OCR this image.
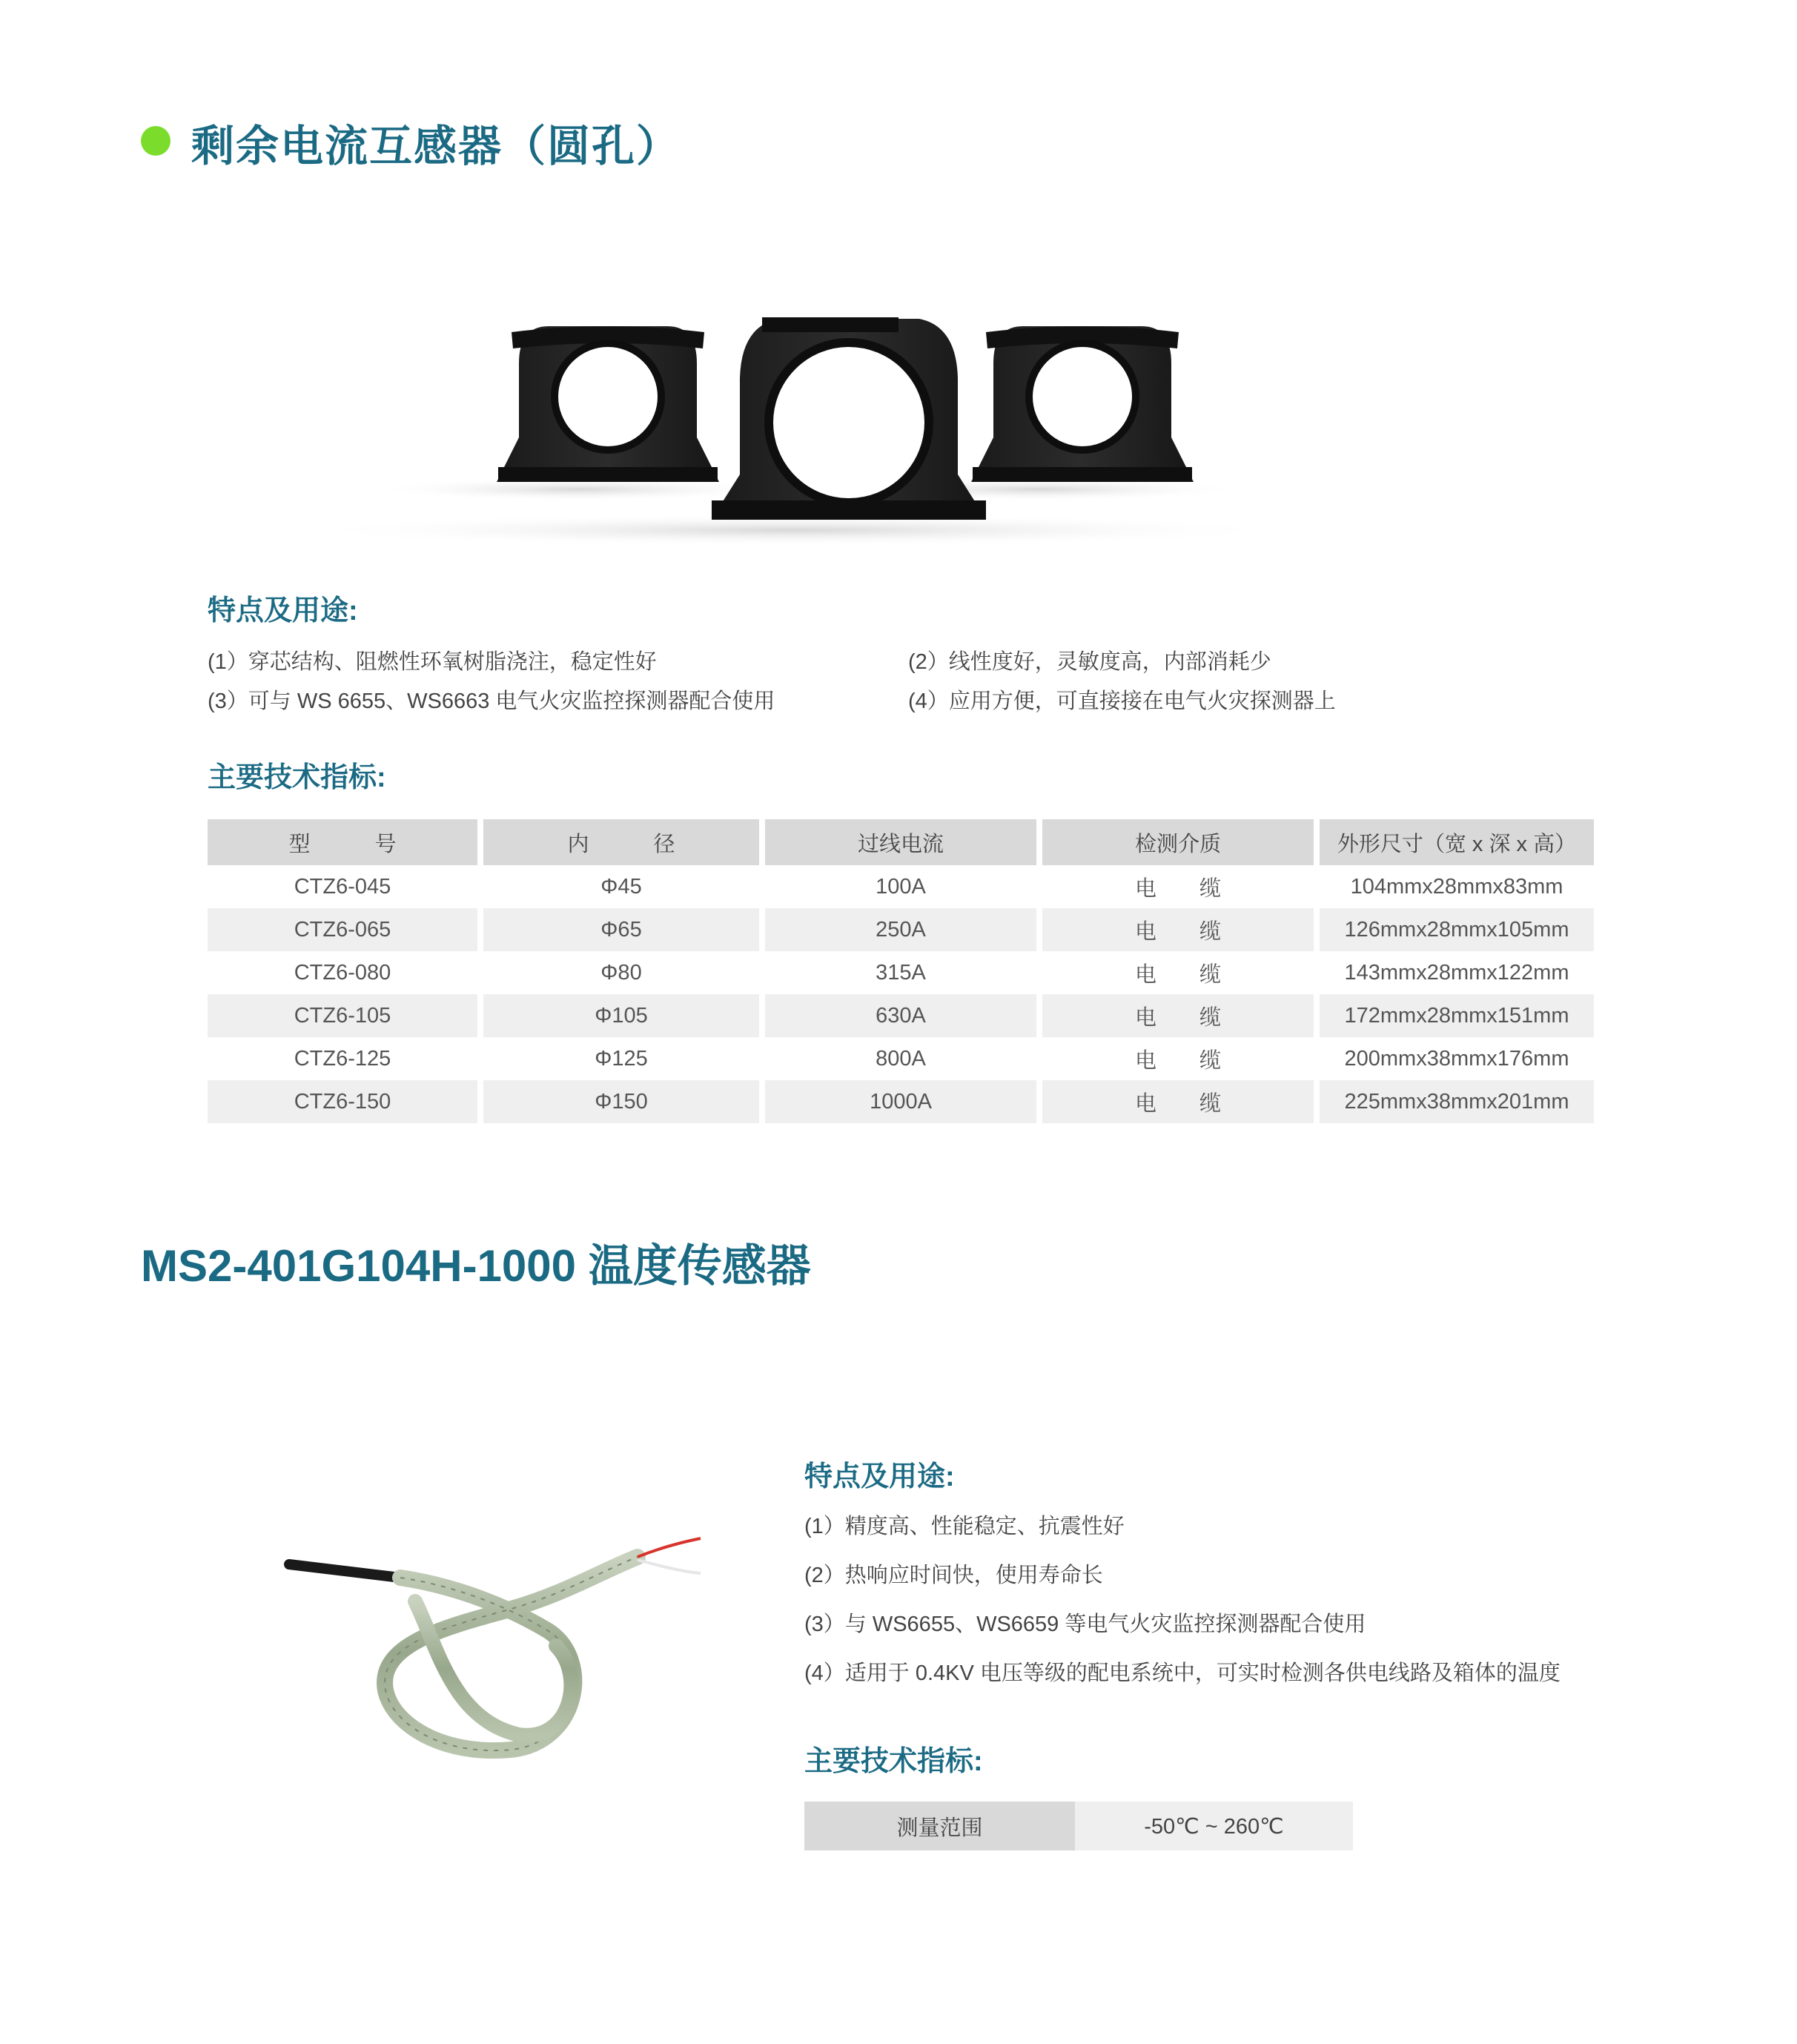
剩余电流互感器（圆孔）
特点及用途:
(1）穿芯结构、阻燃性环氧树脂浇注，稳定性好	(2）线性度好，灵敏度高，内部消耗少
(3）可与 WS 6655、WS6663 电气火灾监控探测器配合使用	(4）应用方便，可直接接在电气火灾探测器上
主要技术指标:
型　　　号	内　　　径	过线电流	检测介质	外形尺寸（宽 x 深 x 高）
CTZ6-045	Φ45	100A	电　　缆	104mmx28mmx83mm
CTZ6-065	Φ65	250A	电　　缆	126mmx28mmx105mm
CTZ6-080	Φ80	315A	电　　缆	143mmx28mmx122mm
CTZ6-105	Φ105	630A	电　　缆	172mmx28mmx151mm
CTZ6-125	Φ125	800A	电　　缆	200mmx38mmx176mm
CTZ6-150	Φ150	1000A	电　　缆	225mmx38mmx201mm
MS2-401G104H-1000 温度传感器
特点及用途:
(1）精度高、性能稳定、抗震性好
(2）热响应时间快，使用寿命长
(3）与 WS6655、WS6659 等电气火灾监控探测器配合使用
(4）适用于 0.4KV 电压等级的配电系统中，可实时检测各供电线路及箱体的温度
主要技术指标:
测量范围	-50℃ ~ 260℃
